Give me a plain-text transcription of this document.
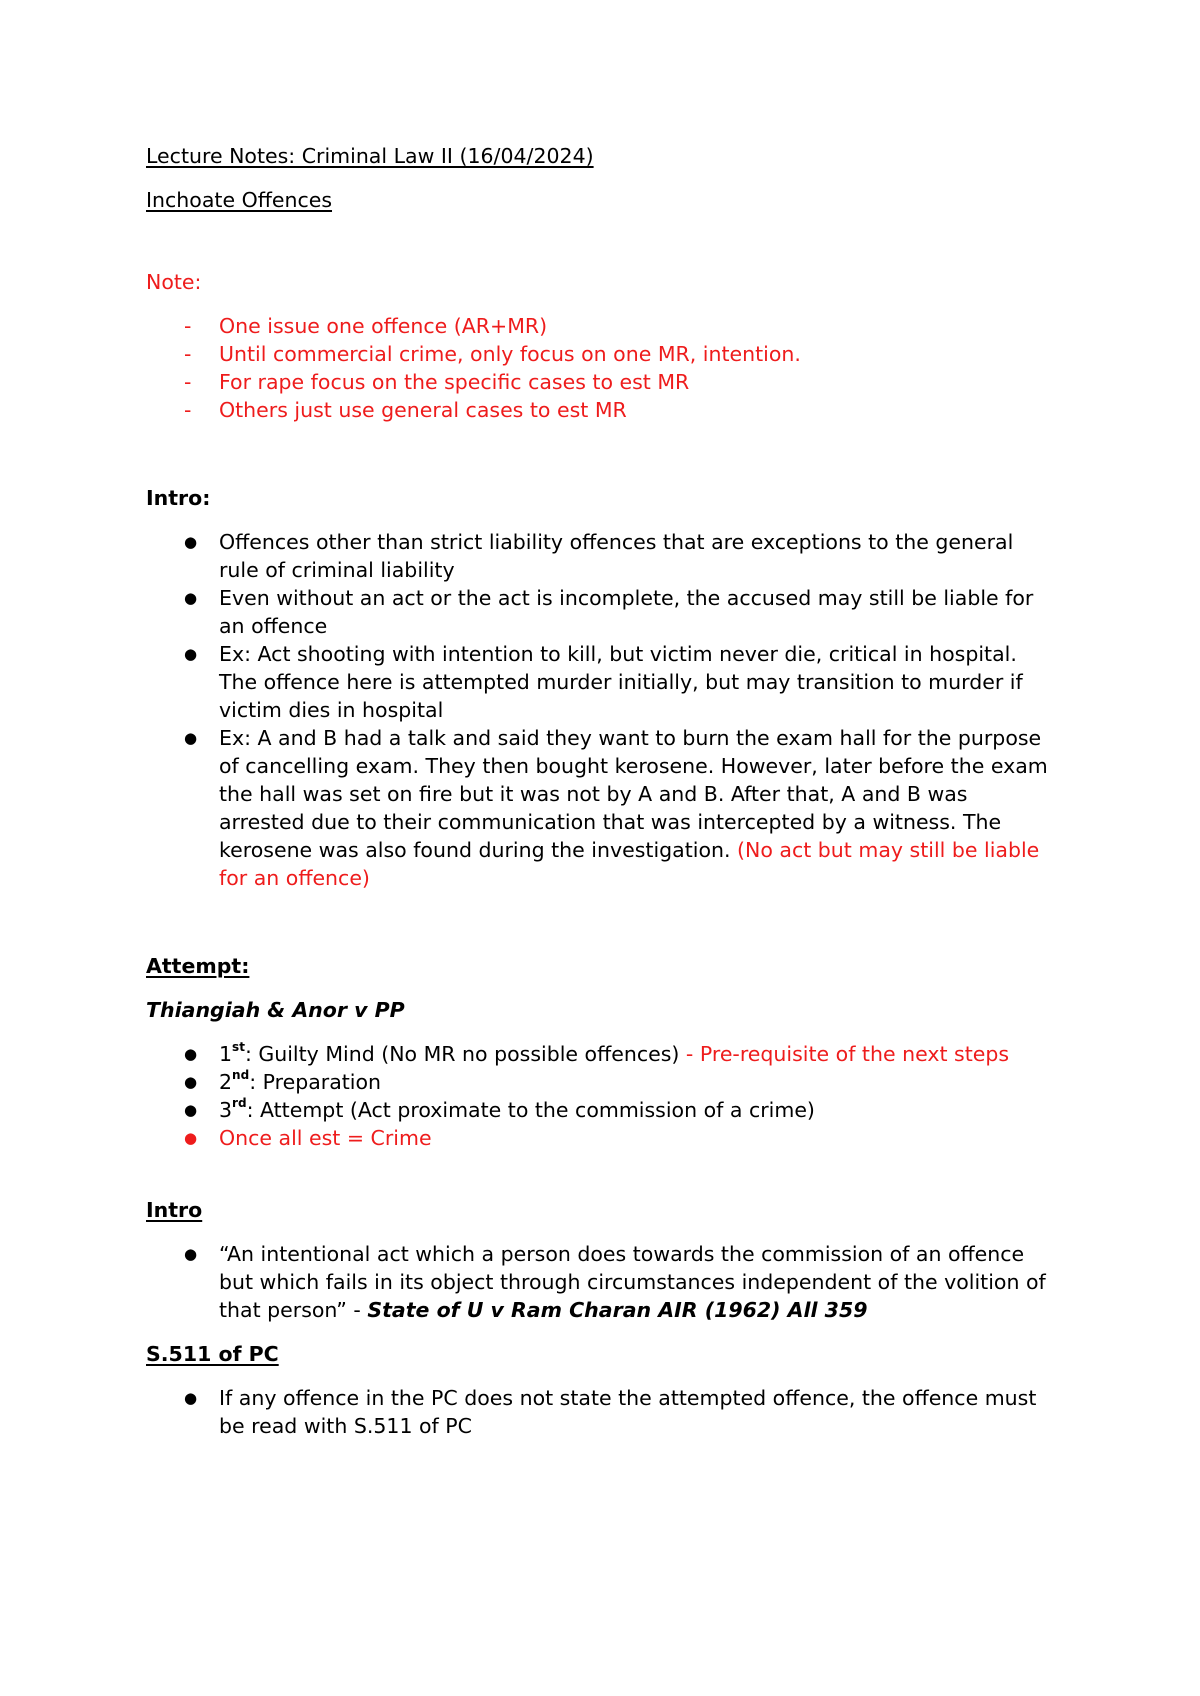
Lecture Notes: Criminal Law II (16/04/2024)

Inchoate Offences

Note:

-	One issue one offence (AR+MR)
-	Until commercial crime, only focus on one MR, intention.
-	For rape focus on the specific cases to est MR
-	Others just use general cases to est MR

Intro:

●	Offences other than strict liability offences that are exceptions to the general rule of criminal liability
●	Even without an act or the act is incomplete, the accused may still be liable for an offence
●	Ex: Act shooting with intention to kill, but victim never die, critical in hospital. The offence here is attempted murder initially, but may transition to murder if victim dies in hospital
●	Ex: A and B had a talk and said they want to burn the exam hall for the purpose of cancelling exam. They then bought kerosene. However, later before the exam the hall was set on fire but it was not by A and B. After that, A and B was arrested due to their communication that was intercepted by a witness. The kerosene was also found during the investigation. (No act but may still be liable for an offence)

Attempt:

Thiangiah & Anor v PP

●	1st: Guilty Mind (No MR no possible offences) - Pre-requisite of the next steps
●	2nd: Preparation
●	3rd: Attempt (Act proximate to the commission of a crime)
●	Once all est = Crime

Intro

●	“An intentional act which a person does towards the commission of an offence but which fails in its object through circumstances independent of the volition of that person” - State of U v Ram Charan AIR (1962) All 359

S.511 of PC

●	If any offence in the PC does not state the attempted offence, the offence must be read with S.511 of PC
